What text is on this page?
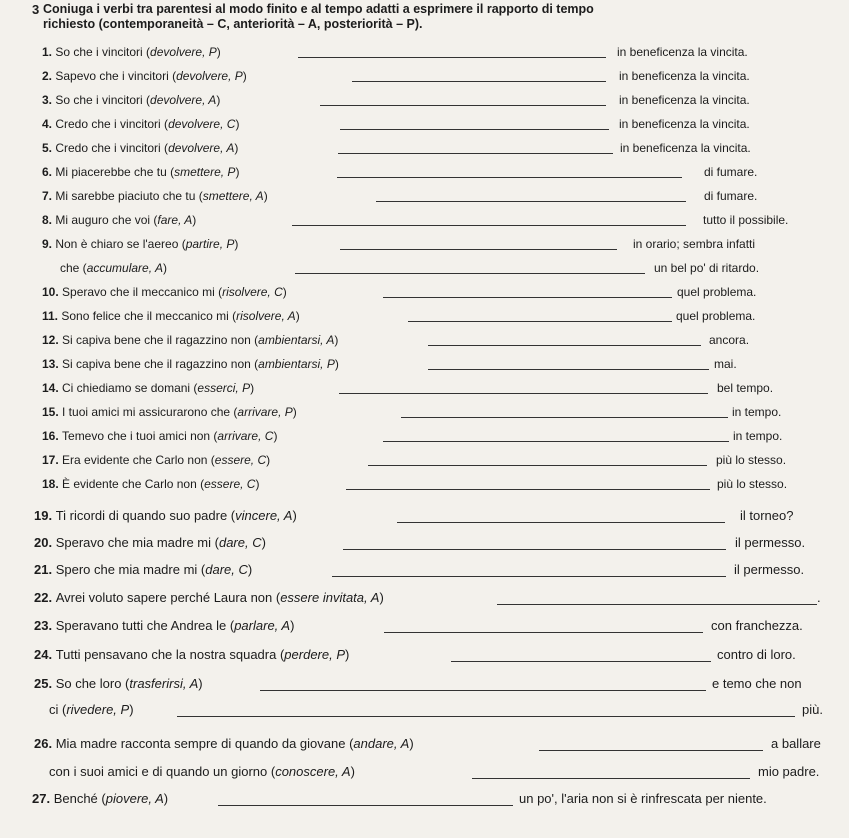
3 Coniuga i verbi tra parentesi al modo finito e al tempo adatti a esprimere il rapporto di tempo
richiesto (contemporaneità – C, anteriorità – A, posteriorità – P).
1. So che i vincitori (devolvere, P)	in beneficenza la vincita.
2. Sapevo che i vincitori (devolvere, P)	in beneficenza la vincita.
3. So che i vincitori (devolvere, A)	in beneficenza la vincita.
4. Credo che i vincitori (devolvere, C)	in beneficenza la vincita.
5. Credo che i vincitori (devolvere, A)	in beneficenza la vincita.
6. Mi piacerebbe che tu (smettere, P)	di fumare.
7. Mi sarebbe piaciuto che tu (smettere, A)	di fumare.
8. Mi auguro che voi (fare, A)	tutto il possibile.
9. Non è chiaro se l'aereo (partire, P)	in orario; sembra infatti
che (accumulare, A)	un bel po' di ritardo.
10. Speravo che il meccanico mi (risolvere, C)	quel problema.
11. Sono felice che il meccanico mi (risolvere, A)	quel problema.
12. Si capiva bene che il ragazzino non (ambientarsi, A)	ancora.
13. Si capiva bene che il ragazzino non (ambientarsi, P)	mai.
14. Ci chiediamo se domani (esserci, P)	bel tempo.
15. I tuoi amici mi assicurarono che (arrivare, P)	in tempo.
16. Temevo che i tuoi amici non (arrivare, C)	in tempo.
17. Era evidente che Carlo non (essere, C)	più lo stesso.
18. È evidente che Carlo non (essere, C)	più lo stesso.
19. Ti ricordi di quando suo padre (vincere, A)	il torneo?
20. Speravo che mia madre mi (dare, C)	il permesso.
21. Spero che mia madre mi (dare, C)	il permesso.
22. Avrei voluto sapere perché Laura non (essere invitata, A)	.
23. Speravano tutti che Andrea le (parlare, A)	con franchezza.
24. Tutti pensavano che la nostra squadra (perdere, P)	contro di loro.
25. So che loro (trasferirsi, A)	e temo che non
ci (rivedere, P)	più.
26. Mia madre racconta sempre di quando da giovane (andare, A)	a ballare
con i suoi amici e di quando un giorno (conoscere, A)	mio padre.
27. Benché (piovere, A)	un po', l'aria non si è rinfrescata per niente.
